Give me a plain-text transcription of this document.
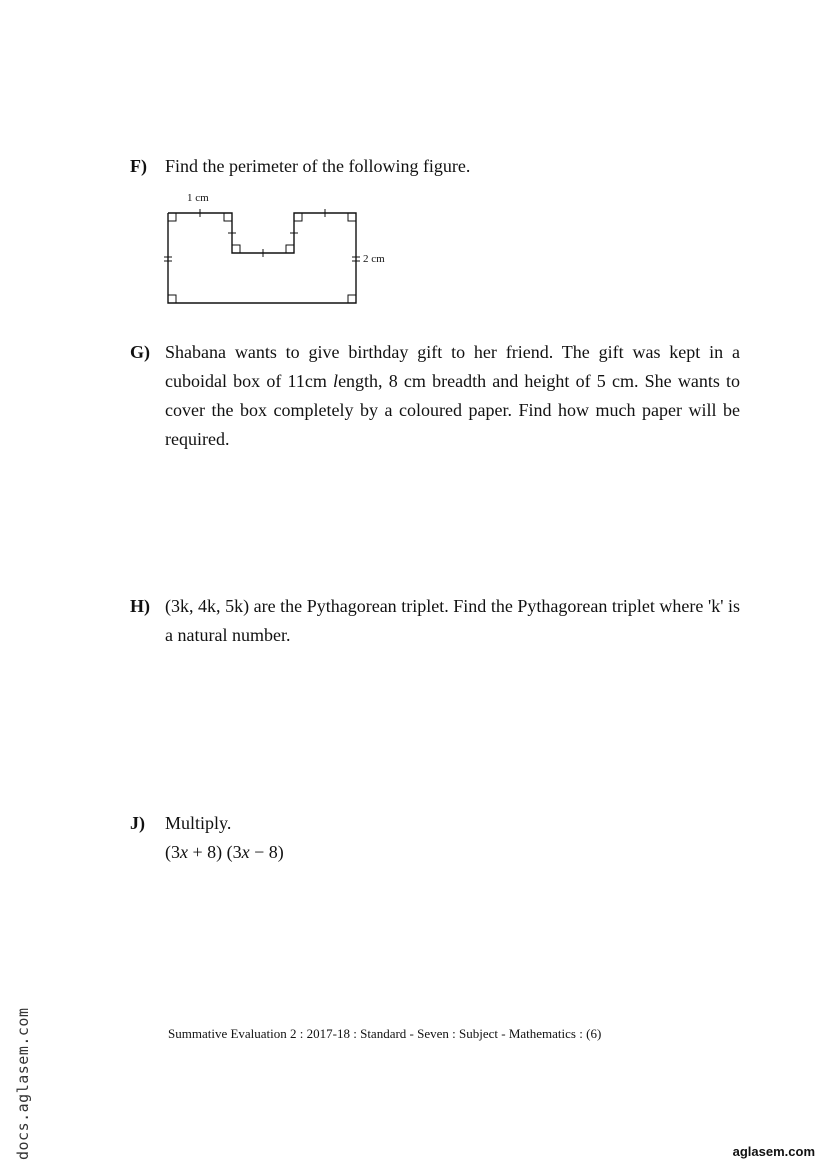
F) Find the perimeter of the following figure.

1 cm
2 cm
G) Shabana wants to give birthday gift to her friend. The gift was kept in a cuboidal box of 11cm length, 8 cm breadth and height of 5 cm. She wants to cover the box completely by a coloured paper. Find how much paper will be required.

H) (3k, 4k, 5k) are the Pythagorean triplet. Find the Pythagorean triplet where 'k' is a natural number.

J) Multiply.

(3x + 8) (3x − 8)
Summative Evaluation 2 : 2017-18 : Standard - Seven : Subject - Mathematics : (6)
docs.aglasem.com	aglasem.com
